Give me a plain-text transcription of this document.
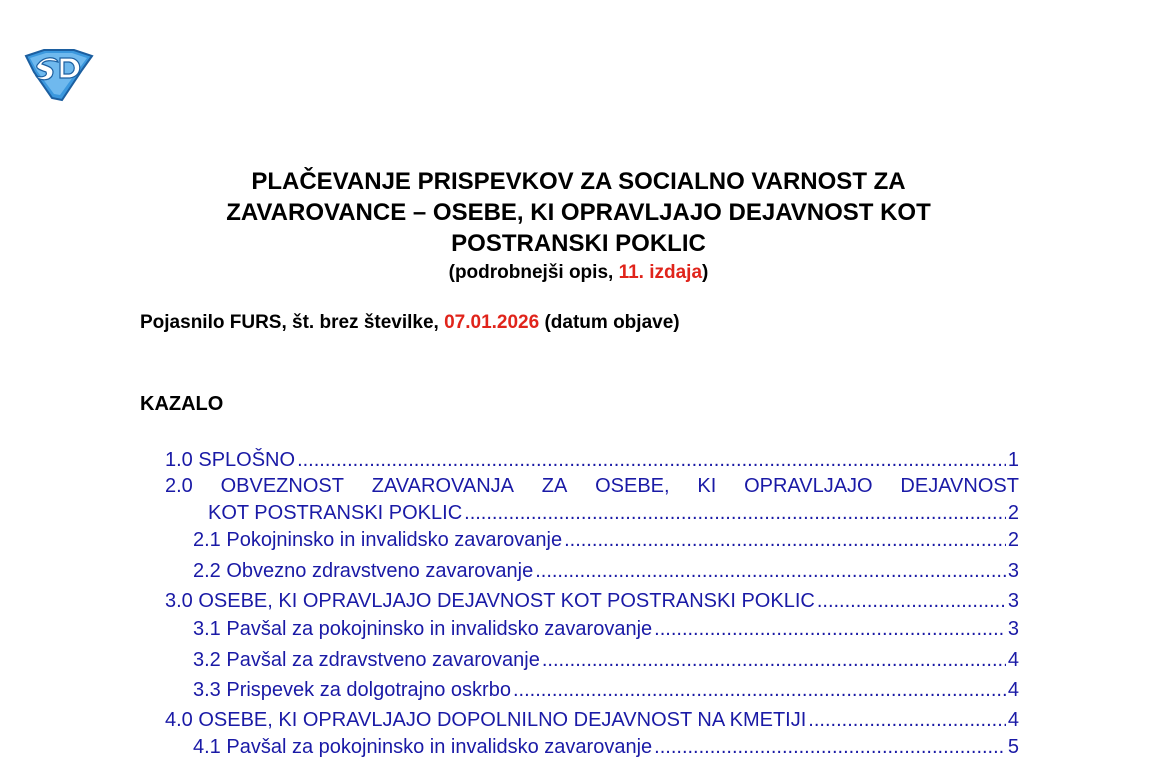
PLAČEVANJE PRISPEVKOV ZA SOCIALNO VARNOST ZA

ZAVAROVANCE – OSEBE, KI OPRAVLJAJO DEJAVNOST KOT

POSTRANSKI POKLIC

(podrobnejši opis, 11. izdaja)
Pojasnilo FURS, št. brez številke, 07.01.2026 (datum objave)
KAZALO
1.0 SPLOŠNO .....	1
2.0 OBVEZNOST ZAVAROVANJA ZA OSEBE, KI OPRAVLJAJO DEJAVNOST
KOT POSTRANSKI POKLIC .....	2
2.1 Pokojninsko in invalidsko zavarovanje .....	2
2.2 Obvezno zdravstveno zavarovanje .....	3
3.0 OSEBE, KI OPRAVLJAJO DEJAVNOST KOT POSTRANSKI POKLIC .....	3
3.1 Pavšal za pokojninsko in invalidsko zavarovanje .....	3
3.2 Pavšal za zdravstveno zavarovanje .....	4
3.3 Prispevek za dolgotrajno oskrbo .....	4
4.0 OSEBE, KI OPRAVLJAJO DOPOLNILNO DEJAVNOST NA KMETIJI .....	4
4.1 Pavšal za pokojninsko in invalidsko zavarovanje .....	5
